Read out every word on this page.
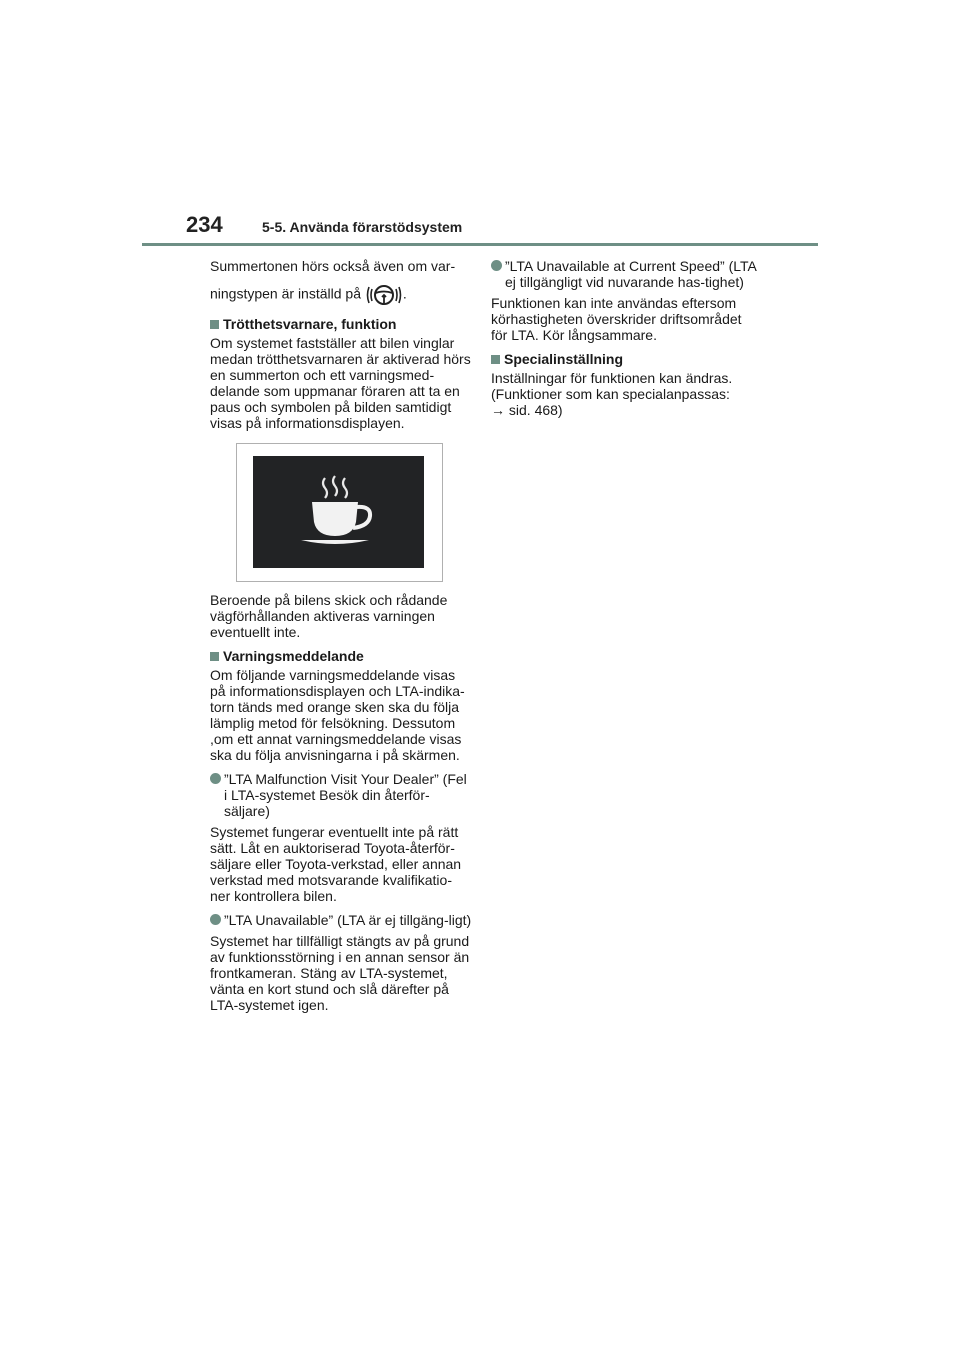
234	5-5. Använda förarstödsystem

Summertonen hörs också även om var-
ningstypen är inställd på	.

Trötthetsvarnare, funktion

Om systemet fastställer att bilen vinglar medan trötthetsvarnaren är aktiverad hörs en summerton och ett varningsmed-delande som uppmanar föraren att ta en paus och symbolen på bilden samtidigt visas på informationsdisplayen.

Beroende på bilens skick och rådande vägförhållanden aktiveras varningen eventuellt inte.

Varningsmeddelande

Om följande varningsmeddelande visas på informationsdisplayen och LTA-indika-torn tänds med orange sken ska du följa lämplig metod för felsökning. Dessutom ,om ett annat varningsmeddelande visas ska du följa anvisningarna i på skärmen.

”LTA Malfunction Visit Your Dealer” (Fel i LTA-systemet Besök din återför-säljare)

Systemet fungerar eventuellt inte på rätt sätt. Låt en auktoriserad Toyota-återför-säljare eller Toyota-verkstad, eller annan verkstad med motsvarande kvalifikatio-ner kontrollera bilen.

”LTA Unavailable” (LTA är ej tillgäng-ligt)

Systemet har tillfälligt stängts av på grund av funktionsstörning i en annan sensor än frontkameran. Stäng av LTA-systemet, vänta en kort stund och slå därefter på LTA-systemet igen.

”LTA Unavailable at Current Speed” (LTA ej tillgängligt vid nuvarande has-tighet)

Funktionen kan inte användas eftersom körhastigheten överskrider driftsområdet för LTA. Kör långsammare.

Specialinställning

Inställningar för funktionen kan ändras.
(Funktioner som kan specialanpassas:
→ sid. 468)
